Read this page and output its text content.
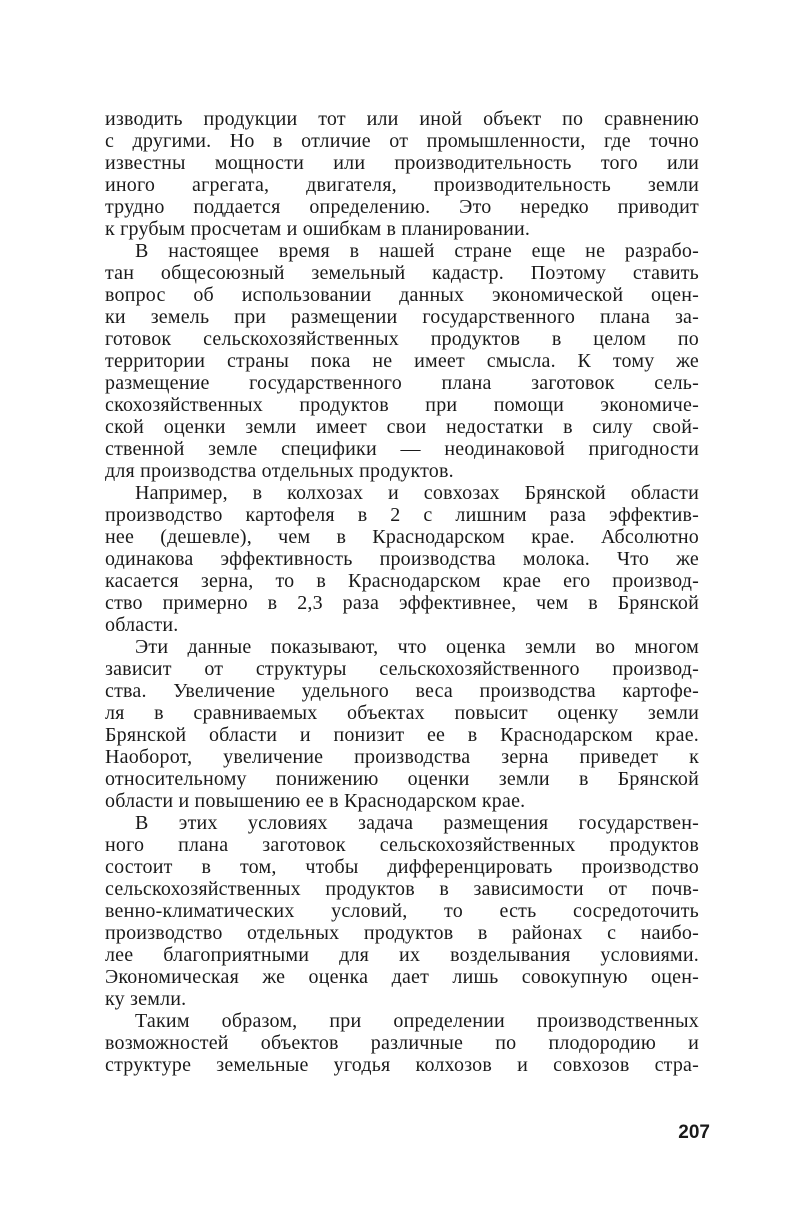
изводить продукции тот или иной объект по сравнению
с другими. Но в отличие от промышленности, где точно
известны мощности или производительность того или
иного агрегата, двигателя, производительность земли
трудно поддается определению. Это нередко приводит
к грубым просчетам и ошибкам в планировании.
В настоящее время в нашей стране еще не разрабо-
тан общесоюзный земельный кадастр. Поэтому ставить
вопрос об использовании данных экономической оцен-
ки земель при размещении государственного плана за-
готовок сельскохозяйственных продуктов в целом по
территории страны пока не имеет смысла. К тому же
размещение государственного плана заготовок сель-
скохозяйственных продуктов при помощи экономиче-
ской оценки земли имеет свои недостатки в силу свой-
ственной земле специфики — неодинаковой пригодности
для производства отдельных продуктов.
Например, в колхозах и совхозах Брянской области
производство картофеля в 2 с лишним раза эффектив-
нее (дешевле), чем в Краснодарском крае. Абсолютно
одинакова эффективность производства молока. Что же
касается зерна, то в Краснодарском крае его производ-
ство примерно в 2,3 раза эффективнее, чем в Брянской
области.
Эти данные показывают, что оценка земли во многом
зависит от структуры сельскохозяйственного производ-
ства. Увеличение удельного веса производства картофе-
ля в сравниваемых объектах повысит оценку земли
Брянской области и понизит ее в Краснодарском крае.
Наоборот, увеличение производства зерна приведет к
относительному понижению оценки земли в Брянской
области и повышению ее в Краснодарском крае.
В этих условиях задача размещения государствен-
ного плана заготовок сельскохозяйственных продуктов
состоит в том, чтобы дифференцировать производство
сельскохозяйственных продуктов в зависимости от почв-
венно-климатических условий, то есть сосредоточить
производство отдельных продуктов в районах с наибо-
лее благоприятными для их возделывания условиями.
Экономическая же оценка дает лишь совокупную оцен-
ку земли.
Таким образом, при определении производственных
возможностей объектов различные по плодородию и
структуре земельные угодья колхозов и совхозов стра-
207
